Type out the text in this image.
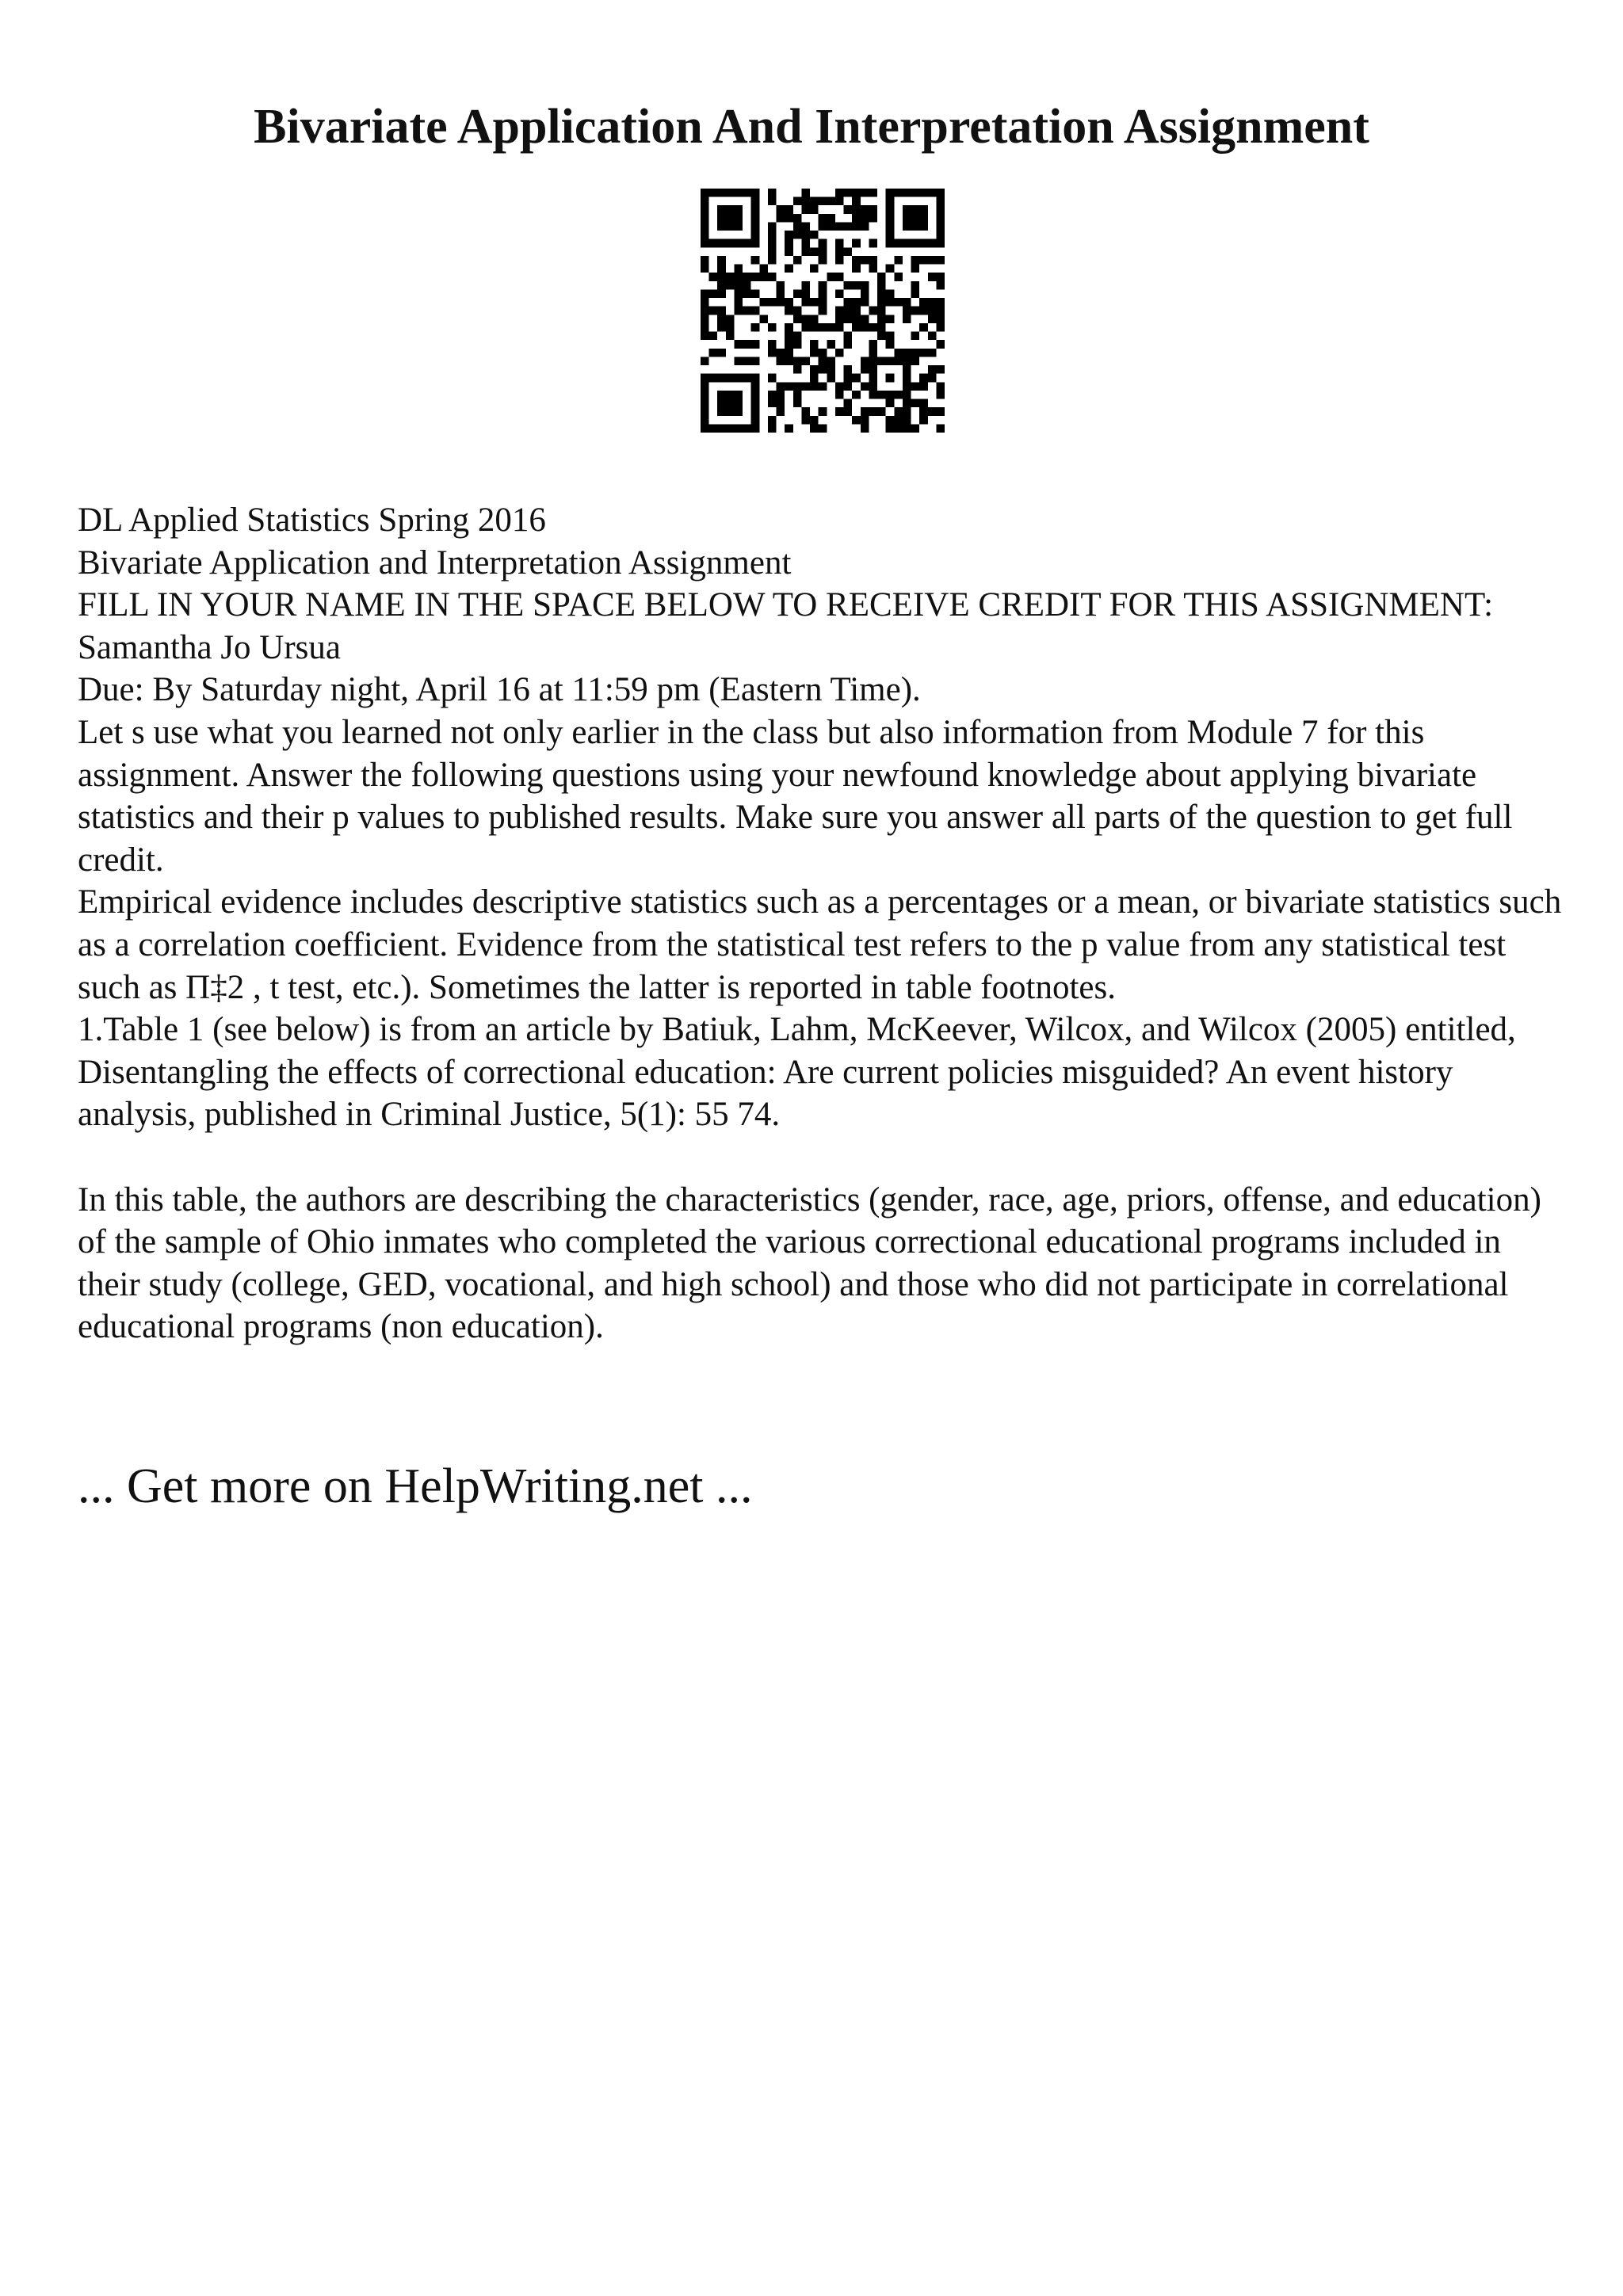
Bivariate Application And Interpretation Assignment

DL Applied Statistics Spring 2016

Bivariate Application and Interpretation Assignment

FILL IN YOUR NAME IN THE SPACE BELOW TO RECEIVE CREDIT FOR THIS ASSIGNMENT:

Samantha Jo Ursua

Due: By Saturday night, April 16 at 11:59 pm (Eastern Time).

Let s use what you learned not only earlier in the class but also information from Module 7 for this assignment. Answer the following questions using your newfound knowledge about applying bivariate statistics and their p values to published results. Make sure you answer all parts of the question to get full credit.

Empirical evidence includes descriptive statistics such as a percentages or a mean, or bivariate statistics such as a correlation coefficient. Evidence from the statistical test refers to the p value from any statistical test such as П‡2 , t test, etc.). Sometimes the latter is reported in table footnotes.

1.Table 1 (see below) is from an article by Batiuk, Lahm, McKeever, Wilcox, and Wilcox (2005) entitled, Disentangling the effects of correctional education: Are current policies misguided? An event history analysis, published in Criminal Justice, 5(1): 55 74.

In this table, the authors are describing the characteristics (gender, race, age, priors, offense, and education) of the sample of Ohio inmates who completed the various correctional educational programs included in their study (college, GED, vocational, and high school) and those who did not participate in correlational educational programs (non education).

... Get more on HelpWriting.net ...
